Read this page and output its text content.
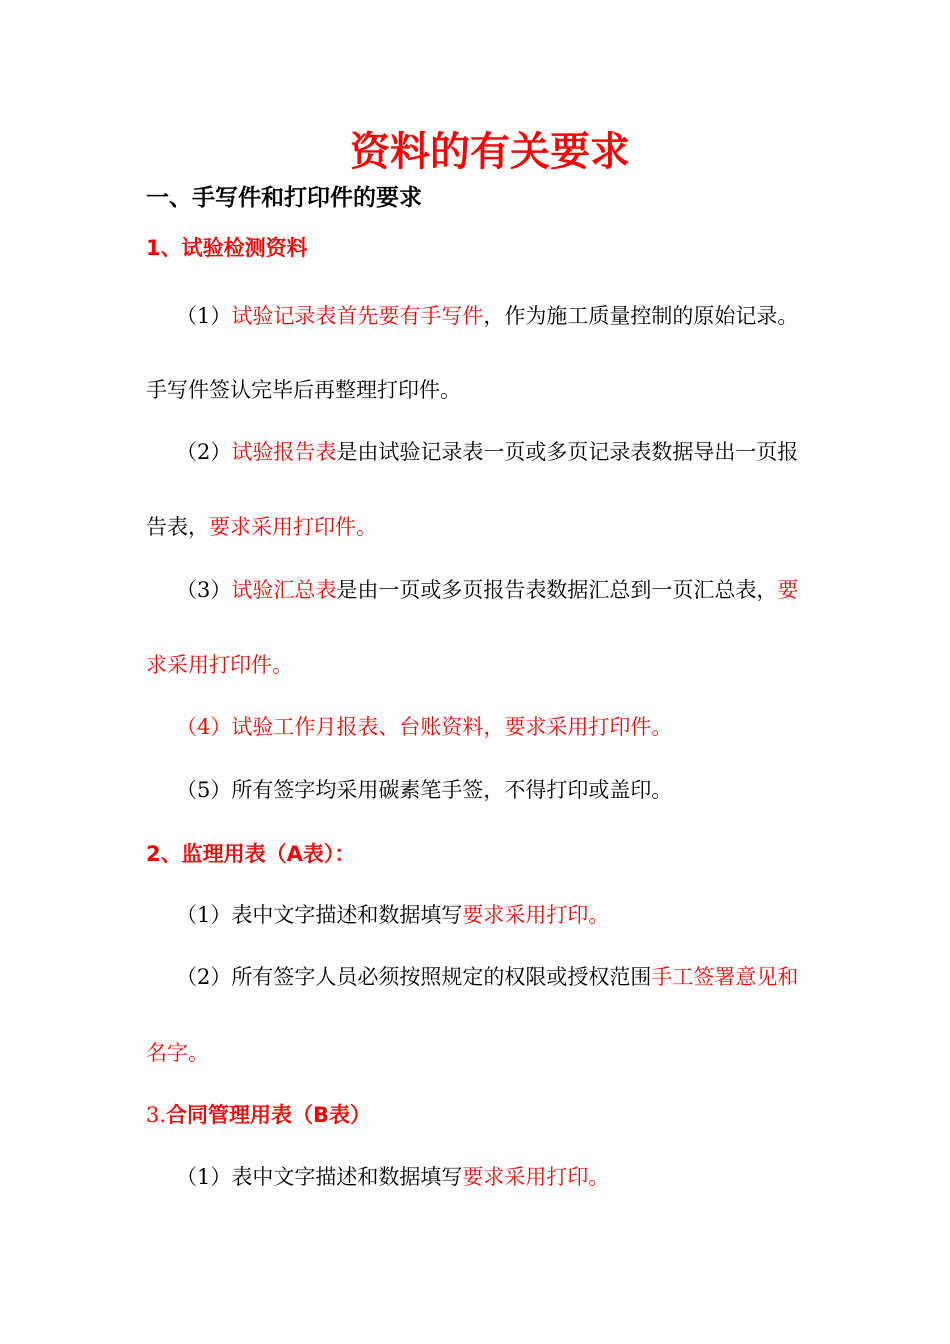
资料的有关要求
一、手写件和打印件的要求
1、试验检测资料
（1）试验记录表首先要有手写件，作为施工质量控制的原始记录。
手写件签认完毕后再整理打印件。
（2）试验报告表是由试验记录表一页或多页记录表数据导出一页报
告表，要求采用打印件。
（3）试验汇总表是由一页或多页报告表数据汇总到一页汇总表，要
求采用打印件。
（4）试验工作月报表、台账资料，要求采用打印件。
（5）所有签字均采用碳素笔手签，不得打印或盖印。
2、监理用表（A表）：
（1）表中文字描述和数据填写要求采用打印。
（2）所有签字人员必须按照规定的权限或授权范围手工签署意见和
名字。
3.合同管理用表（B表）
（1）表中文字描述和数据填写要求采用打印。
